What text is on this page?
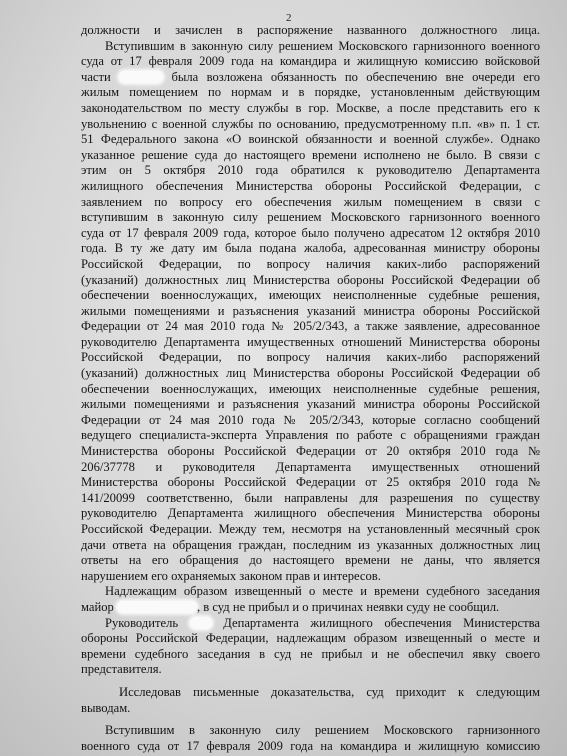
2
должности и зачислен в распоряжение названного должностного лица.
Вступившим в законную силу решением Московского гарнизонного военного
суда от 17 февраля 2009 года на командира и жилищную комиссию войсковой
части	была возложена обязанность по обеспечению вне очереди его
жилым помещением по нормам и в порядке, установленным действующим
законодательством по месту службы в гор. Москве, а после представить его к
увольнению с военной службы по основанию, предусмотренному п.п. «в» п. 1 ст.
51 Федерального закона «О воинской обязанности и военной службе». Однако
указанное решение суда до настоящего времени исполнено не было. В связи с
этим он 5 октября 2010 года обратился к руководителю Департамента
жилищного обеспечения Министерства обороны Российской Федерации, с
заявлением по вопросу его обеспечения жилым помещением в связи с
вступившим в законную силу решением Московского гарнизонного военного
суда от 17 февраля 2009 года, которое было получено адресатом 12 октября 2010
года. В ту же дату им была подана жалоба, адресованная министру обороны
Российской Федерации, по вопросу наличия каких-либо распоряжений
(указаний) должностных лиц Министерства обороны Российской Федерации об
обеспечении военнослужащих, имеющих неисполненные судебные решения,
жилыми помещениями и разъяснения указаний министра обороны Российской
Федерации от 24 мая 2010 года № 205/2/343, а также заявление, адресованное
руководителю Департамента имущественных отношений Министерства обороны
Российской Федерации, по вопросу наличия каких-либо распоряжений
(указаний) должностных лиц Министерства обороны Российской Федерации об
обеспечении военнослужащих, имеющих неисполненные судебные решения,
жилыми помещениями и разъяснения указаний министра обороны Российской
Федерации от 24 мая 2010 года № 205/2/343, которые согласно сообщений
ведущего специалиста-эксперта Управления по работе с обращениями граждан
Министерства обороны Российской Федерации от 20 октября 2010 года №
206/37778 и руководителя Департамента имущественных отношений
Министерства обороны Российской Федерации от 25 октября 2010 года №
141/20099 соответственно, были направлены для разрешения по существу
руководителю Департамента жилищного обеспечения Министерства обороны
Российской Федерации. Между тем, несмотря на установленный месячный срок
дачи ответа на обращения граждан, последним из указанных должностных лиц
ответы на его обращения до настоящего времени не даны, что является
нарушением его охраняемых законом прав и интересов.
Надлежащим образом извещенный о месте и времени судебного заседания
майор	, в суд не прибыл и о причинах неявки суду не сообщил.
Руководитель	Департамента жилищного обеспечения Министерства
обороны Российской Федерации, надлежащим образом извещенный о месте и
времени судебного заседания в суд не прибыл и не обеспечил явку своего
представителя.
Исследовав письменные доказательства, суд приходит к следующим
выводам.
Вступившим в законную силу решением Московского гарнизонного
военного суда от 17 февраля 2009 года на командира и жилищную комиссию
